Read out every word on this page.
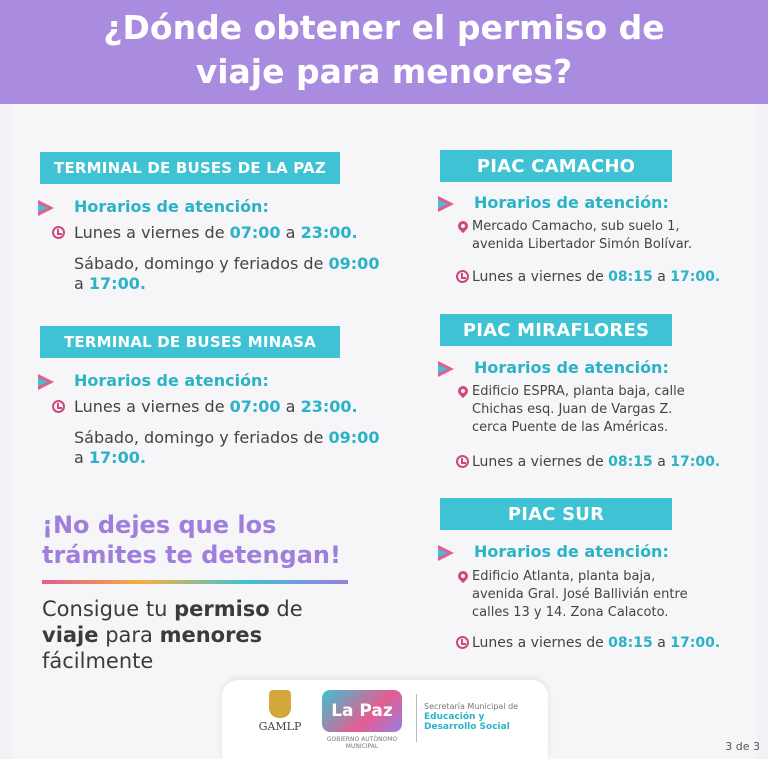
¿Dónde obtener el permiso de
viaje para menores?
TERMINAL DE BUSES DE LA PAZ
Horarios de atención:
Lunes a viernes de 07:00 a 23:00.
Sábado, domingo y feriados de 09:00
a 17:00.
TERMINAL DE BUSES MINASA
Horarios de atención:
Lunes a viernes de 07:00 a 23:00.
Sábado, domingo y feriados de 09:00
a 17:00.
PIAC CAMACHO
Horarios de atención:
Mercado Camacho, sub suelo 1,
avenida Libertador Simón Bolívar.
Lunes a viernes de 08:15 a 17:00.
PIAC MIRAFLORES
Horarios de atención:
Edificio ESPRA, planta baja, calle
Chichas esq. Juan de Vargas Z.
cerca Puente de las Américas.
Lunes a viernes de 08:15 a 17:00.
PIAC SUR
Horarios de atención:
Edificio Atlanta, planta baja,
avenida Gral. José Ballivián entre
calles 13 y 14. Zona Calacoto.
Lunes a viernes de 08:15 a 17:00.
¡No dejes que los
trámites te detengan!
Consigue tu permiso de
viaje para menores
fácilmente
GAMLP
La Paz
GOBIERNO AUTÓNOMO MUNICIPAL
Secretaría Municipal de
Educación y
Desarrollo Social
3 de 3
